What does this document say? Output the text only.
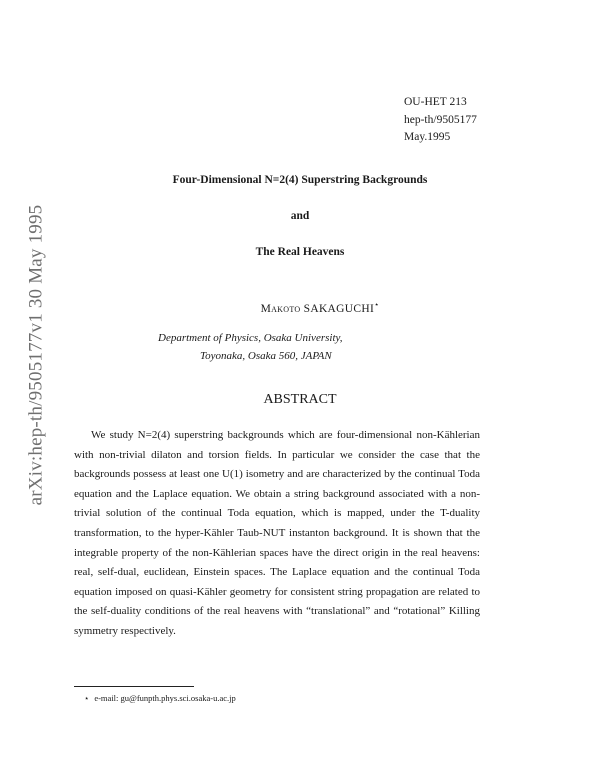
arXiv:hep-th/9505177v1 30 May 1995
OU-HET 213
hep-th/9505177
May.1995
Four-Dimensional N=2(4) Superstring Backgrounds
and
The Real Heavens
Makoto SAKAGUCHI⋆
Department of Physics, Osaka University,
Toyonaka, Osaka 560, JAPAN
ABSTRACT

We study N=2(4) superstring backgrounds which are four-dimensional non-Kählerian with non-trivial dilaton and torsion fields. In particular we consider the case that the backgrounds possess at least one U(1) isometry and are characterized by the continual Toda equation and the Laplace equation. We obtain a string background associated with a non-trivial solution of the continual Toda equation, which is mapped, under the T-duality transformation, to the hyper-Kähler Taub-NUT instanton background. It is shown that the integrable property of the non-Kählerian spaces have the direct origin in the real heavens: real, self-dual, euclidean, Einstein spaces. The Laplace equation and the continual Toda equation imposed on quasi-Kähler geometry for consistent string propagation are related to the self-duality conditions of the real heavens with “translational” and “rotational” Killing symmetry respectively.

⋆ e-mail: gu@funpth.phys.sci.osaka-u.ac.jp
